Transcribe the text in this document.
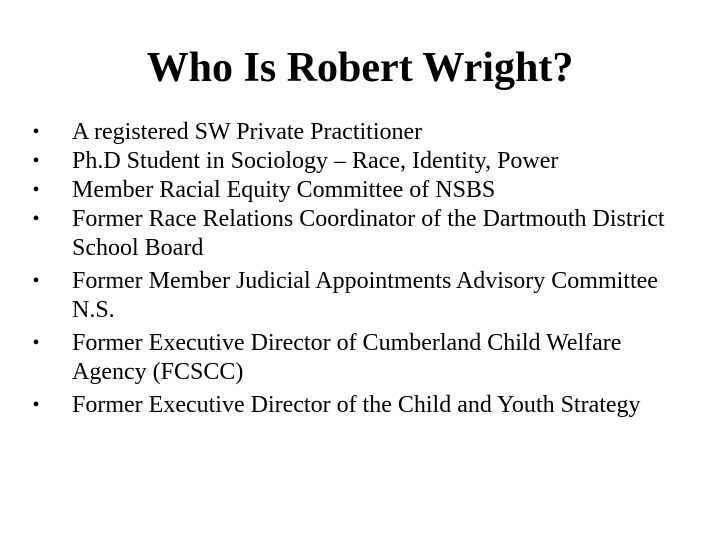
Who Is Robert Wright?
• A registered SW Private Practitioner
• Ph.D Student in Sociology – Race, Identity, Power
• Member Racial Equity Committee of NSBS
• Former Race Relations Coordinator of the Dartmouth District School Board
• Former Member Judicial Appointments Advisory Committee N.S.
• Former Executive Director of Cumberland Child Welfare Agency (FCSCC)
• Former Executive Director of the Child and Youth Strategy
